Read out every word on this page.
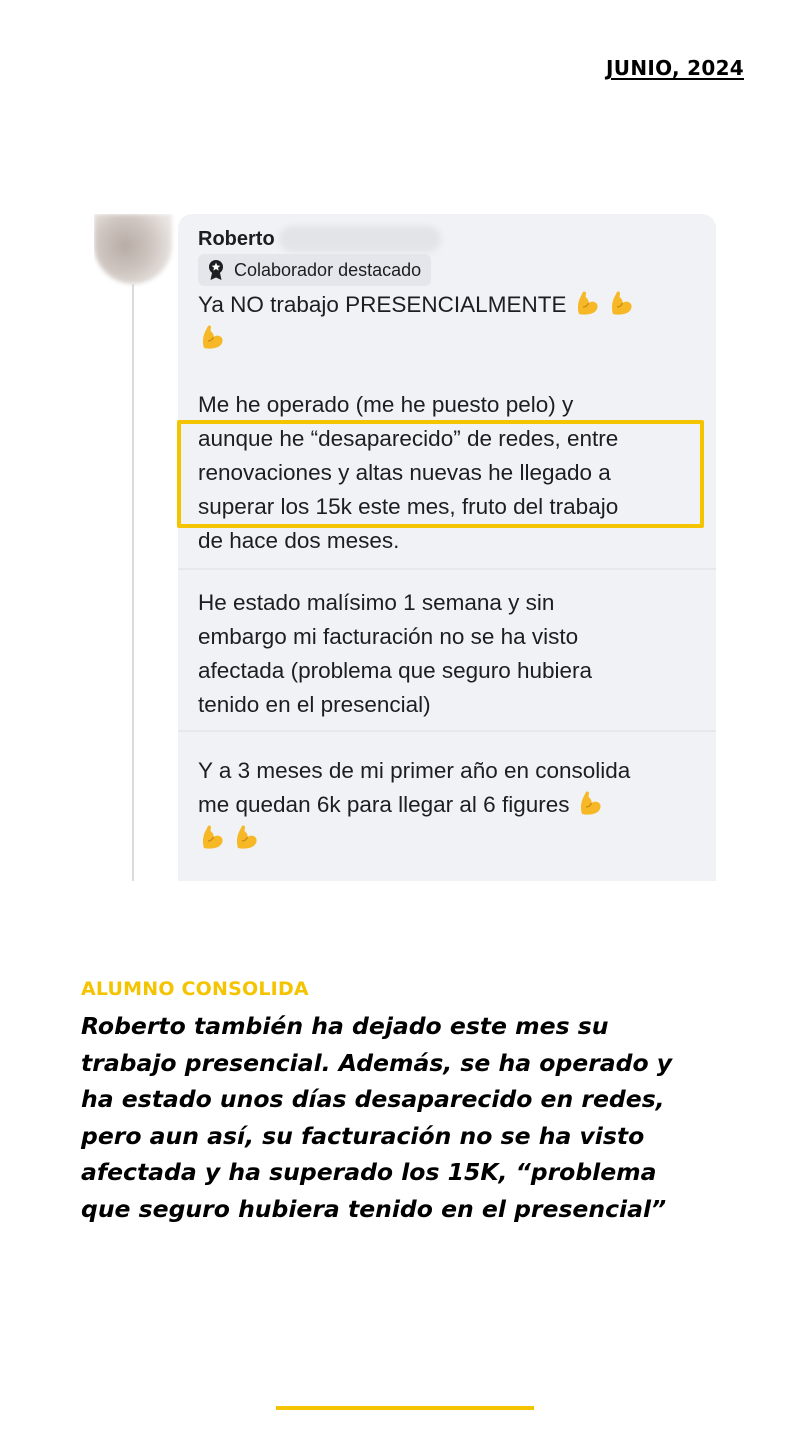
JUNIO, 2024
Roberto
Colaborador destacado
Ya NO trabajo PRESENCIALMENTE

Me he operado (me he puesto pelo) y
aunque he “desaparecido” de redes, entre
renovaciones y altas nuevas he llegado a
superar los 15k este mes, fruto del trabajo
de hace dos meses.
He estado malísimo 1 semana y sin
embargo mi facturación no se ha visto
afectada (problema que seguro hubiera
tenido en el presencial)
Y a 3 meses de mi primer año en consolida
me quedan 6k para llegar al 6 figures

ALUMNO CONSOLIDA
Roberto también ha dejado este mes su
trabajo presencial. Además, se ha operado y
ha estado unos días desaparecido en redes,
pero aun así, su facturación no se ha visto
afectada y ha superado los 15K, “problema
que seguro hubiera tenido en el presencial”
